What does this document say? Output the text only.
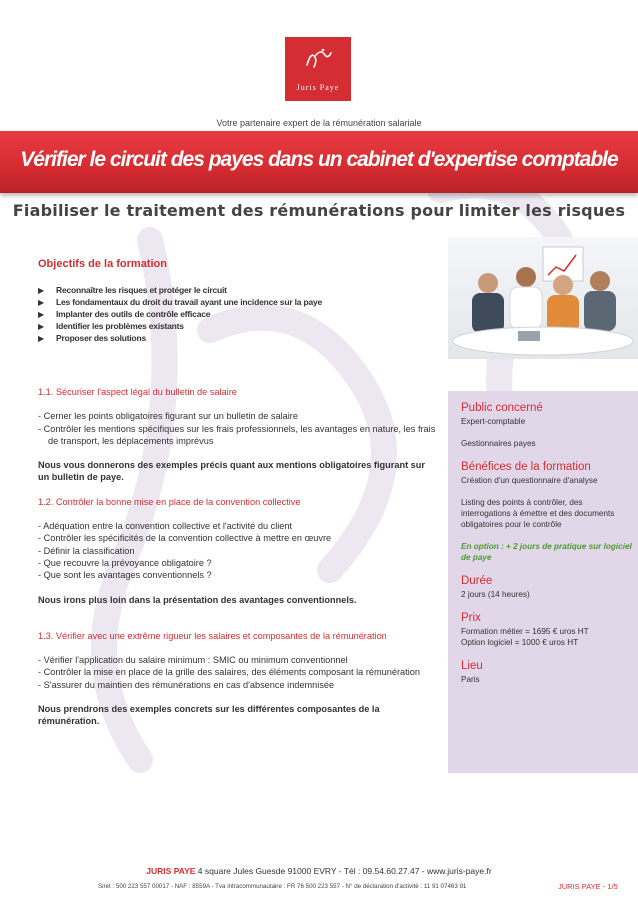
Juris Paye
Votre partenaire expert de la rémunération salariale
Vérifier le circuit des payes dans un cabinet d'expertise comptable
Fiabiliser le traitement des rémunérations pour limiter les risques
Objectifs de la formation
▶ Reconnaître les risques et protéger le circuit
▶ Les fondamentaux du droit du travail ayant une incidence sur la paye
▶ Implanter des outils de contrôle efficace
▶ Identifier les problèmes existants
▶ Proposer des solutions
1.1. Sécuriser l'aspect légal du bulletin de salaire
- Cerner les points obligatoires figurant sur un bulletin de salaire
- Contrôler les mentions spécifiques sur les frais professionnels, les avantages en nature, les frais de transport, les déplacements imprévus
Nous vous donnerons des exemples précis quant aux mentions obligatoires figurant sur un bulletin de paye.
1.2. Contrôler la bonne mise en place de la convention collective
- Adéquation entre la convention collective et l'activité du client
- Contrôler les spécificités de la convention collective à mettre en œuvre
- Définir la classification
- Que recouvre la prévoyance obligatoire ?
- Que sont les avantages conventionnels ?
Nous irons plus loin dans la présentation des avantages conventionnels.
1.3. Vérifier avec une extrême rigueur les salaires et composantes de la rémunération
- Vérifier l'application du salaire minimum : SMIC ou minimum conventionnel
- Contrôler la mise en place de la grille des salaires, des éléments composant la rémunération
- S'assurer du maintien des rémunérations en cas d'absence indemnisée
Nous prendrons des exemples concrets sur les différentes composantes de la rémunération.
Public concerné
Expert-comptable
Gestionnaires payes
Bénéfices de la formation
Création d'un questionnaire d'analyse
Listing des points à contrôler, des interrogations à émettre et des documents obligatoires pour le contrôle
En option : + 2 jours de pratique sur logiciel de paye
Durée
2 jours (14 heures)
Prix
Formation métier = 1695 € uros HT
Option logiciel = 1000 € uros HT
Lieu
Paris
JURIS PAYE 4 square Jules Guesde 91000 EVRY - Tél : 09.54.60.27.47 - www.juris-paye.fr
Siret : 500 223 557 00017 - NAF : 8559A - Tva intracommunautaire : FR 76 500 223 557 - N° de déclaration d'activité : 11 91 07463 91	JURIS PAYE - 1/5
